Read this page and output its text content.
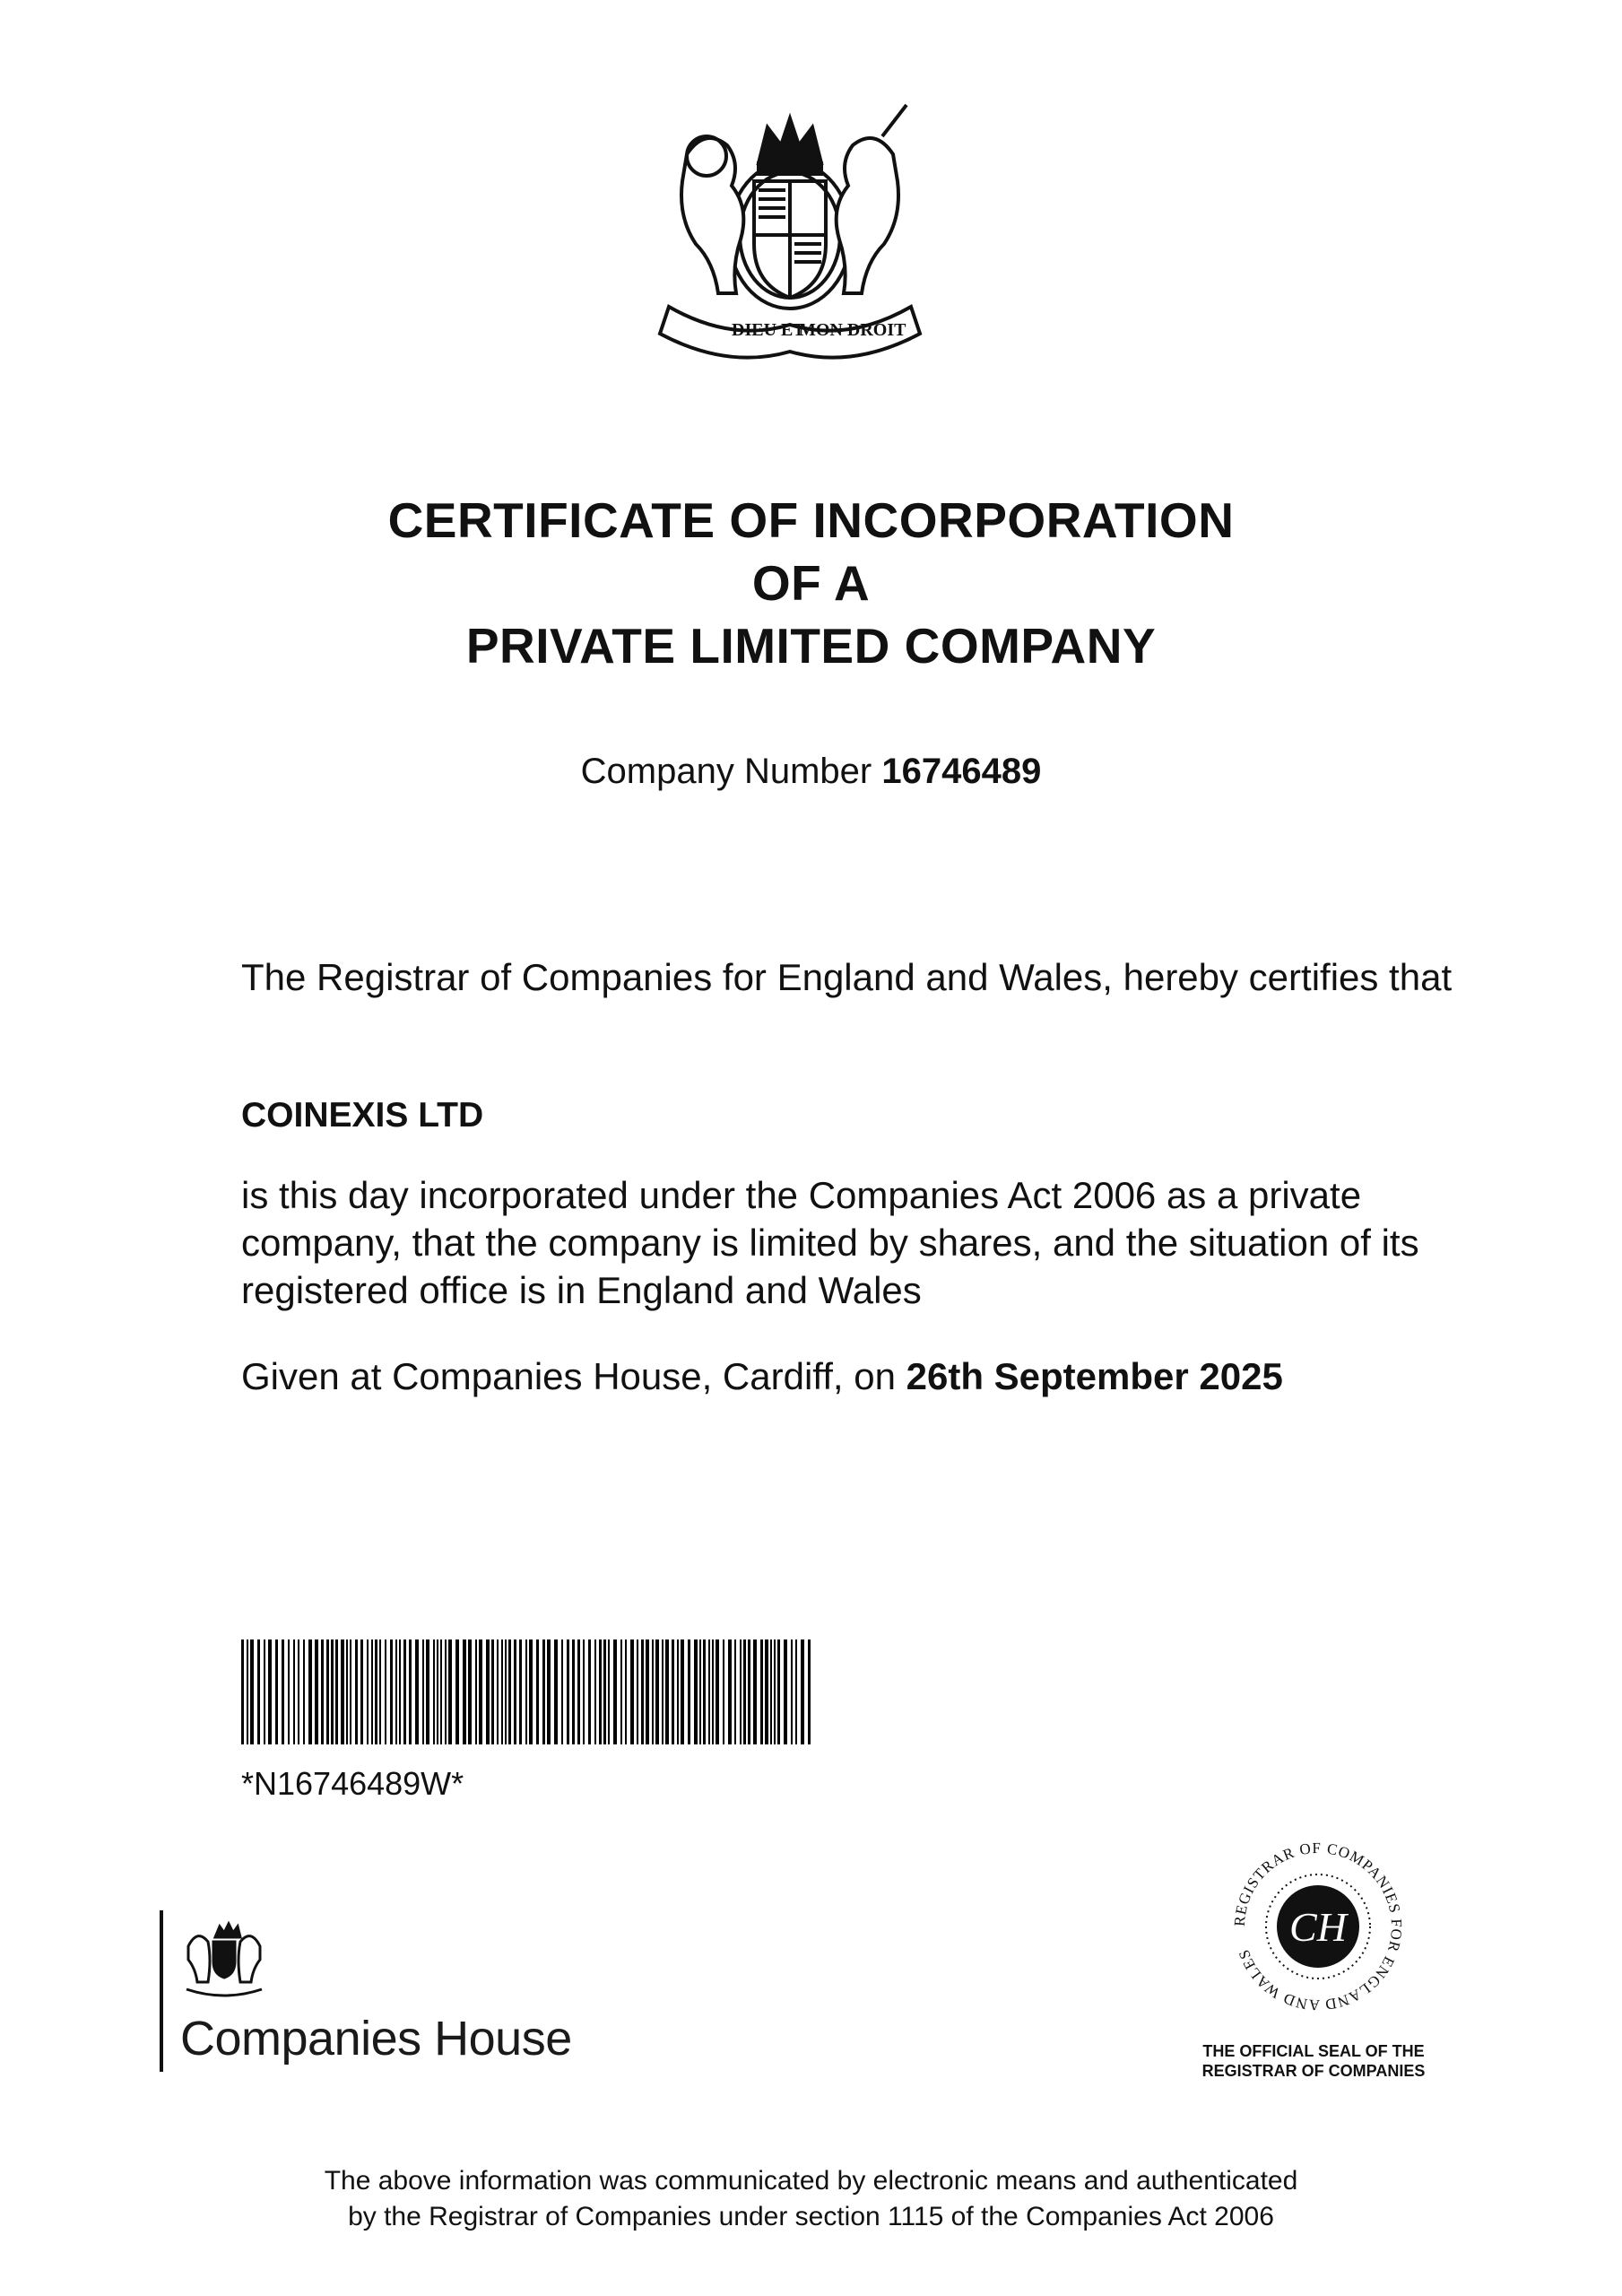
DIEU ET
MON DROIT
CERTIFICATE OF INCORPORATION
OF A
PRIVATE LIMITED COMPANY
Company Number 16746489
The Registrar of Companies for England and Wales, hereby certifies that
COINEXIS LTD
is this day incorporated under the Companies Act 2006 as a private company, that the company is limited by shares, and the situation of its registered office is in England and Wales
Given at Companies House, Cardiff, on 26th September 2025
*N16746489W*
Companies House
CH
REGISTRAR OF COMPANIES FOR ENGLAND AND WALES
THE OFFICIAL SEAL OF THE
REGISTRAR OF COMPANIES
The above information was communicated by electronic means and authenticated
by the Registrar of Companies under section 1115 of the Companies Act 2006
